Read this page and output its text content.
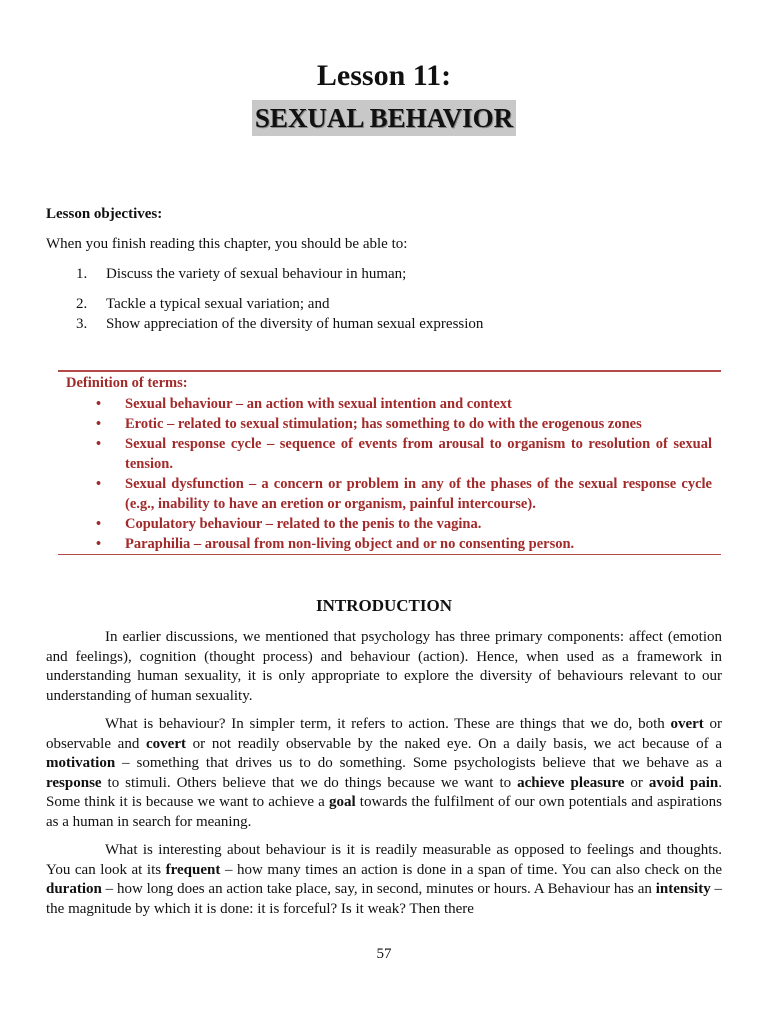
Lesson 11:
SEXUAL BEHAVIOR
Lesson objectives:
When you finish reading this chapter, you should be able to:
1. Discuss the variety of sexual behaviour in human;
2. Tackle a typical sexual variation; and
3. Show appreciation of the diversity of human sexual expression
Definition of terms:
• Sexual behaviour – an action with sexual intention and context
• Erotic – related to sexual stimulation; has something to do with the erogenous zones
• Sexual response cycle – sequence of events from arousal to organism to resolution of sexual tension.
• Sexual dysfunction – a concern or problem in any of the phases of the sexual response cycle (e.g., inability to have an eretion or organism, painful intercourse).
• Copulatory behaviour – related to the penis to the vagina.
• Paraphilia – arousal from non-living object and or no consenting person.
INTRODUCTION

In earlier discussions, we mentioned that psychology has three primary components: affect (emotion and feelings), cognition (thought process) and behaviour (action). Hence, when used as a framework in understanding human sexuality, it is only appropriate to explore the diversity of behaviours relevant to our understanding of human sexuality.

What is behaviour? In simpler term, it refers to action. These are things that we do, both overt or observable and covert or not readily observable by the naked eye. On a daily basis, we act because of a motivation – something that drives us to do something. Some psychologists believe that we behave as a response to stimuli. Others believe that we do things because we want to achieve pleasure or avoid pain. Some think it is because we want to achieve a goal towards the fulfilment of our own potentials and aspirations as a human in search for meaning.

What is interesting about behaviour is it is readily measurable as opposed to feelings and thoughts. You can look at its frequent – how many times an action is done in a span of time. You can also check on the duration – how long does an action take place, say, in second, minutes or hours. A Behaviour has an intensity – the magnitude by which it is done: it is forceful? Is it weak? Then there

57
